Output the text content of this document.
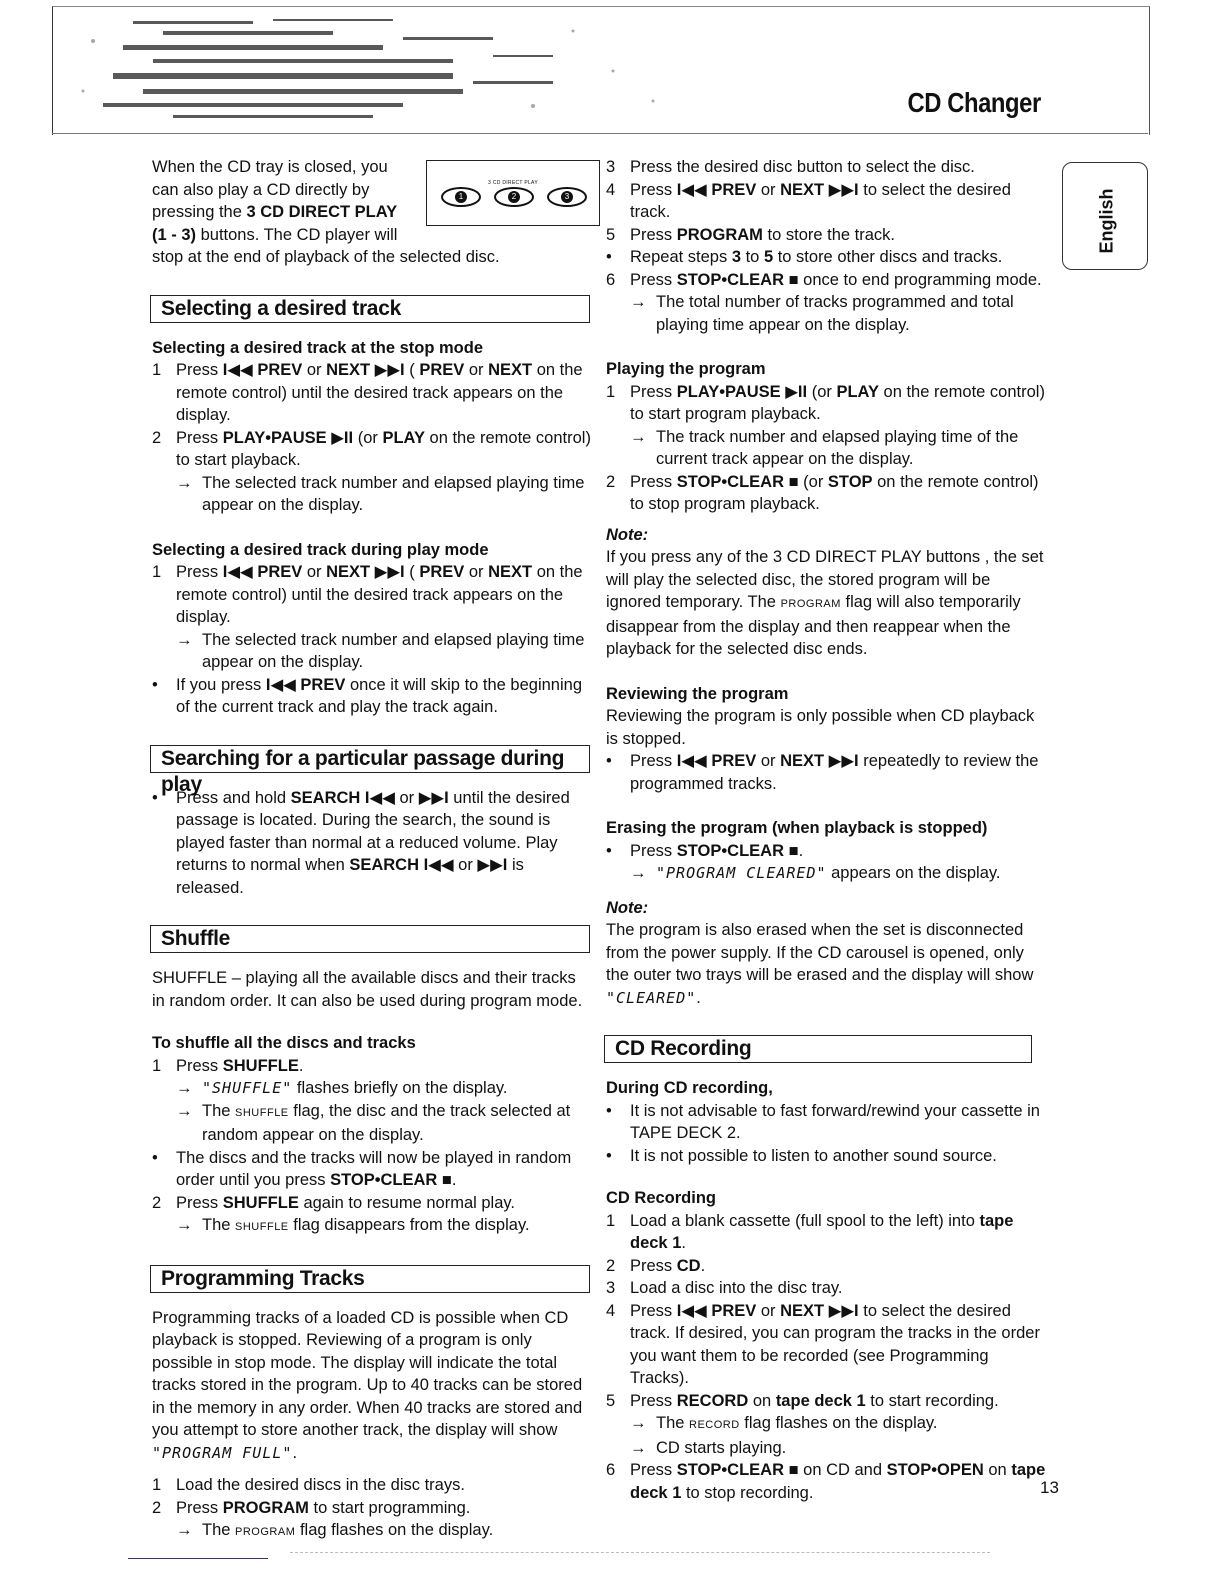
CD Changer
English
3 CD DIRECT PLAY
1	2	3

When the CD tray is closed, you can also play a CD directly by pressing the 3 CD DIRECT PLAY (1 - 3) buttons. The CD player will stop at the end of playback of the selected disc.

Selecting a desired track
Selecting a desired track at the stop mode
1 Press I◀◀ PREV or NEXT ▶▶I ( PREV or NEXT on the remote control) until the desired track appears on the display.
2 Press PLAY•PAUSE ▶II (or PLAY on the remote control) to start playback.
→ The selected track number and elapsed playing time appear on the display.
Selecting a desired track during play mode
1 Press I◀◀ PREV or NEXT ▶▶I ( PREV or NEXT on the remote control) until the desired track appears on the display.
→ The selected track number and elapsed playing time appear on the display.
•	If you press I◀◀ PREV once it will skip to the beginning of the current track and play the track again.
Searching for a particular passage during play
•	Press and hold SEARCH I◀◀ or ▶▶I until the desired passage is located. During the search, the sound is played faster than normal at a reduced volume. Play returns to normal when SEARCH I◀◀ or ▶▶I is released.
Shuffle

SHUFFLE – playing all the available discs and their tracks in random order. It can also be used during program mode.

To shuffle all the discs and tracks
1 Press SHUFFLE.
→ "SHUFFLE" flashes briefly on the display.
→ The SHUFFLE flag, the disc and the track selected at random appear on the display.
•	The discs and the tracks will now be played in random order until you press STOP•CLEAR ■.
2 Press SHUFFLE again to resume normal play.
→ The SHUFFLE flag disappears from the display.
Programming Tracks

Programming tracks of a loaded CD is possible when CD playback is stopped. Reviewing of a program is only possible in stop mode. The display will indicate the total tracks stored in the program. Up to 40 tracks can be stored in the memory in any order. When 40 tracks are stored and you attempt to store another track, the display will show "PROGRAM FULL".

1 Load the desired discs in the disc trays.
2 Press PROGRAM to start programming.
→ The PROGRAM flag flashes on the display.
3 Press the desired disc button to select the disc.
4 Press I◀◀ PREV or NEXT ▶▶I to select the desired track.
5 Press PROGRAM to store the track.
•	Repeat steps 3 to 5 to store other discs and tracks.
6 Press STOP•CLEAR ■ once to end programming mode.
→ The total number of tracks programmed and total playing time appear on the display.
Playing the program
1 Press PLAY•PAUSE ▶II (or PLAY on the remote control) to start program playback.
→ The track number and elapsed playing time of the current track appear on the display.
2 Press STOP•CLEAR ■ (or STOP on the remote control) to stop program playback.
Note:

If you press any of the 3 CD DIRECT PLAY buttons , the set will play the selected disc, the stored program will be ignored temporary. The PROGRAM flag will also temporarily disappear from the display and then reappear when the playback for the selected disc ends.

Reviewing the program

Reviewing the program is only possible when CD playback is stopped.

•	Press I◀◀ PREV or NEXT ▶▶I repeatedly to review the programmed tracks.
Erasing the program (when playback is stopped)
•	Press STOP•CLEAR ■.
→ "PROGRAM CLEARED" appears on the display.
Note:

The program is also erased when the set is disconnected from the power supply. If the CD carousel is opened, only the outer two trays will be erased and the display will show "CLEARED".

CD Recording
During CD recording,
•	It is not advisable to fast forward/rewind your cassette in TAPE DECK 2.
•	It is not possible to listen to another sound source.
CD Recording
1 Load a blank cassette (full spool to the left) into tape deck 1.
2 Press CD.
3 Load a disc into the disc tray.
4 Press I◀◀ PREV or NEXT ▶▶I to select the desired track. If desired, you can program the tracks in the order you want them to be recorded (see Programming Tracks).
5 Press RECORD on tape deck 1 to start recording.
→ The RECORD flag flashes on the display.
→ CD starts playing.
6 Press STOP•CLEAR ■ on CD and STOP•OPEN on tape deck 1 to stop recording.	13
